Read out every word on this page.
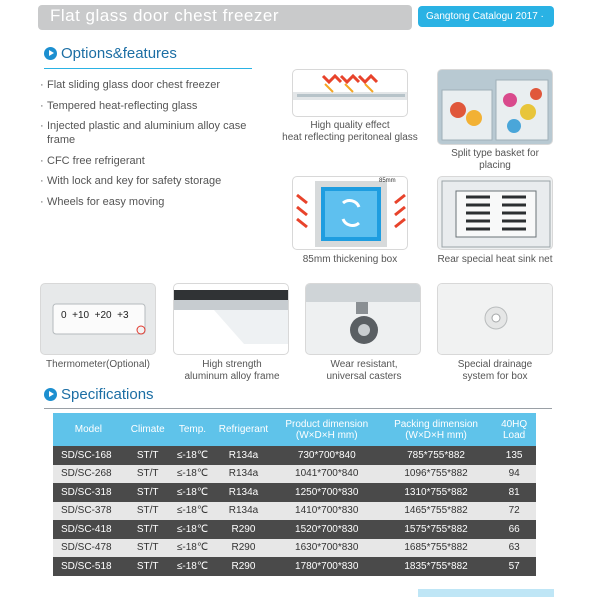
Flat glass door chest freezer	Gangtong Catalogu 2017 ·
Options&features
· Flat sliding glass door chest freezer
· Tempered heat-reflecting glass
· Injected plastic and aluminium alloy case frame
· CFC free refrigerant
· With lock and key for safety storage
· Wheels for easy moving
High quality effect
heat reflecting peritoneal glass
Split type basket for
placing
85mm
85mm thickening box	Rear special heat sink net
0  +10  +20  +3
Thermometer(Optional)	High strength
aluminum alloy frame
Wear resistant,
universal casters
Special drainage
system for box
Specifications
Model	Climate	Temp.	Refrigerant	Product dimension (W×D×H mm)	Packing dimension (W×D×H mm)	40HQ Load
SD/SC-168	ST/T	≤-18℃	R134a	730*700*840	785*755*882	135
SD/SC-268	ST/T	≤-18℃	R134a	1041*700*840	1096*755*882	94
SD/SC-318	ST/T	≤-18℃	R134a	1250*700*830	1310*755*882	81
SD/SC-378	ST/T	≤-18℃	R134a	1410*700*830	1465*755*882	72
SD/SC-418	ST/T	≤-18℃	R290	1520*700*830	1575*755*882	66
SD/SC-478	ST/T	≤-18℃	R290	1630*700*830	1685*755*882	63
SD/SC-518	ST/T	≤-18℃	R290	1780*700*830	1835*755*882	57
